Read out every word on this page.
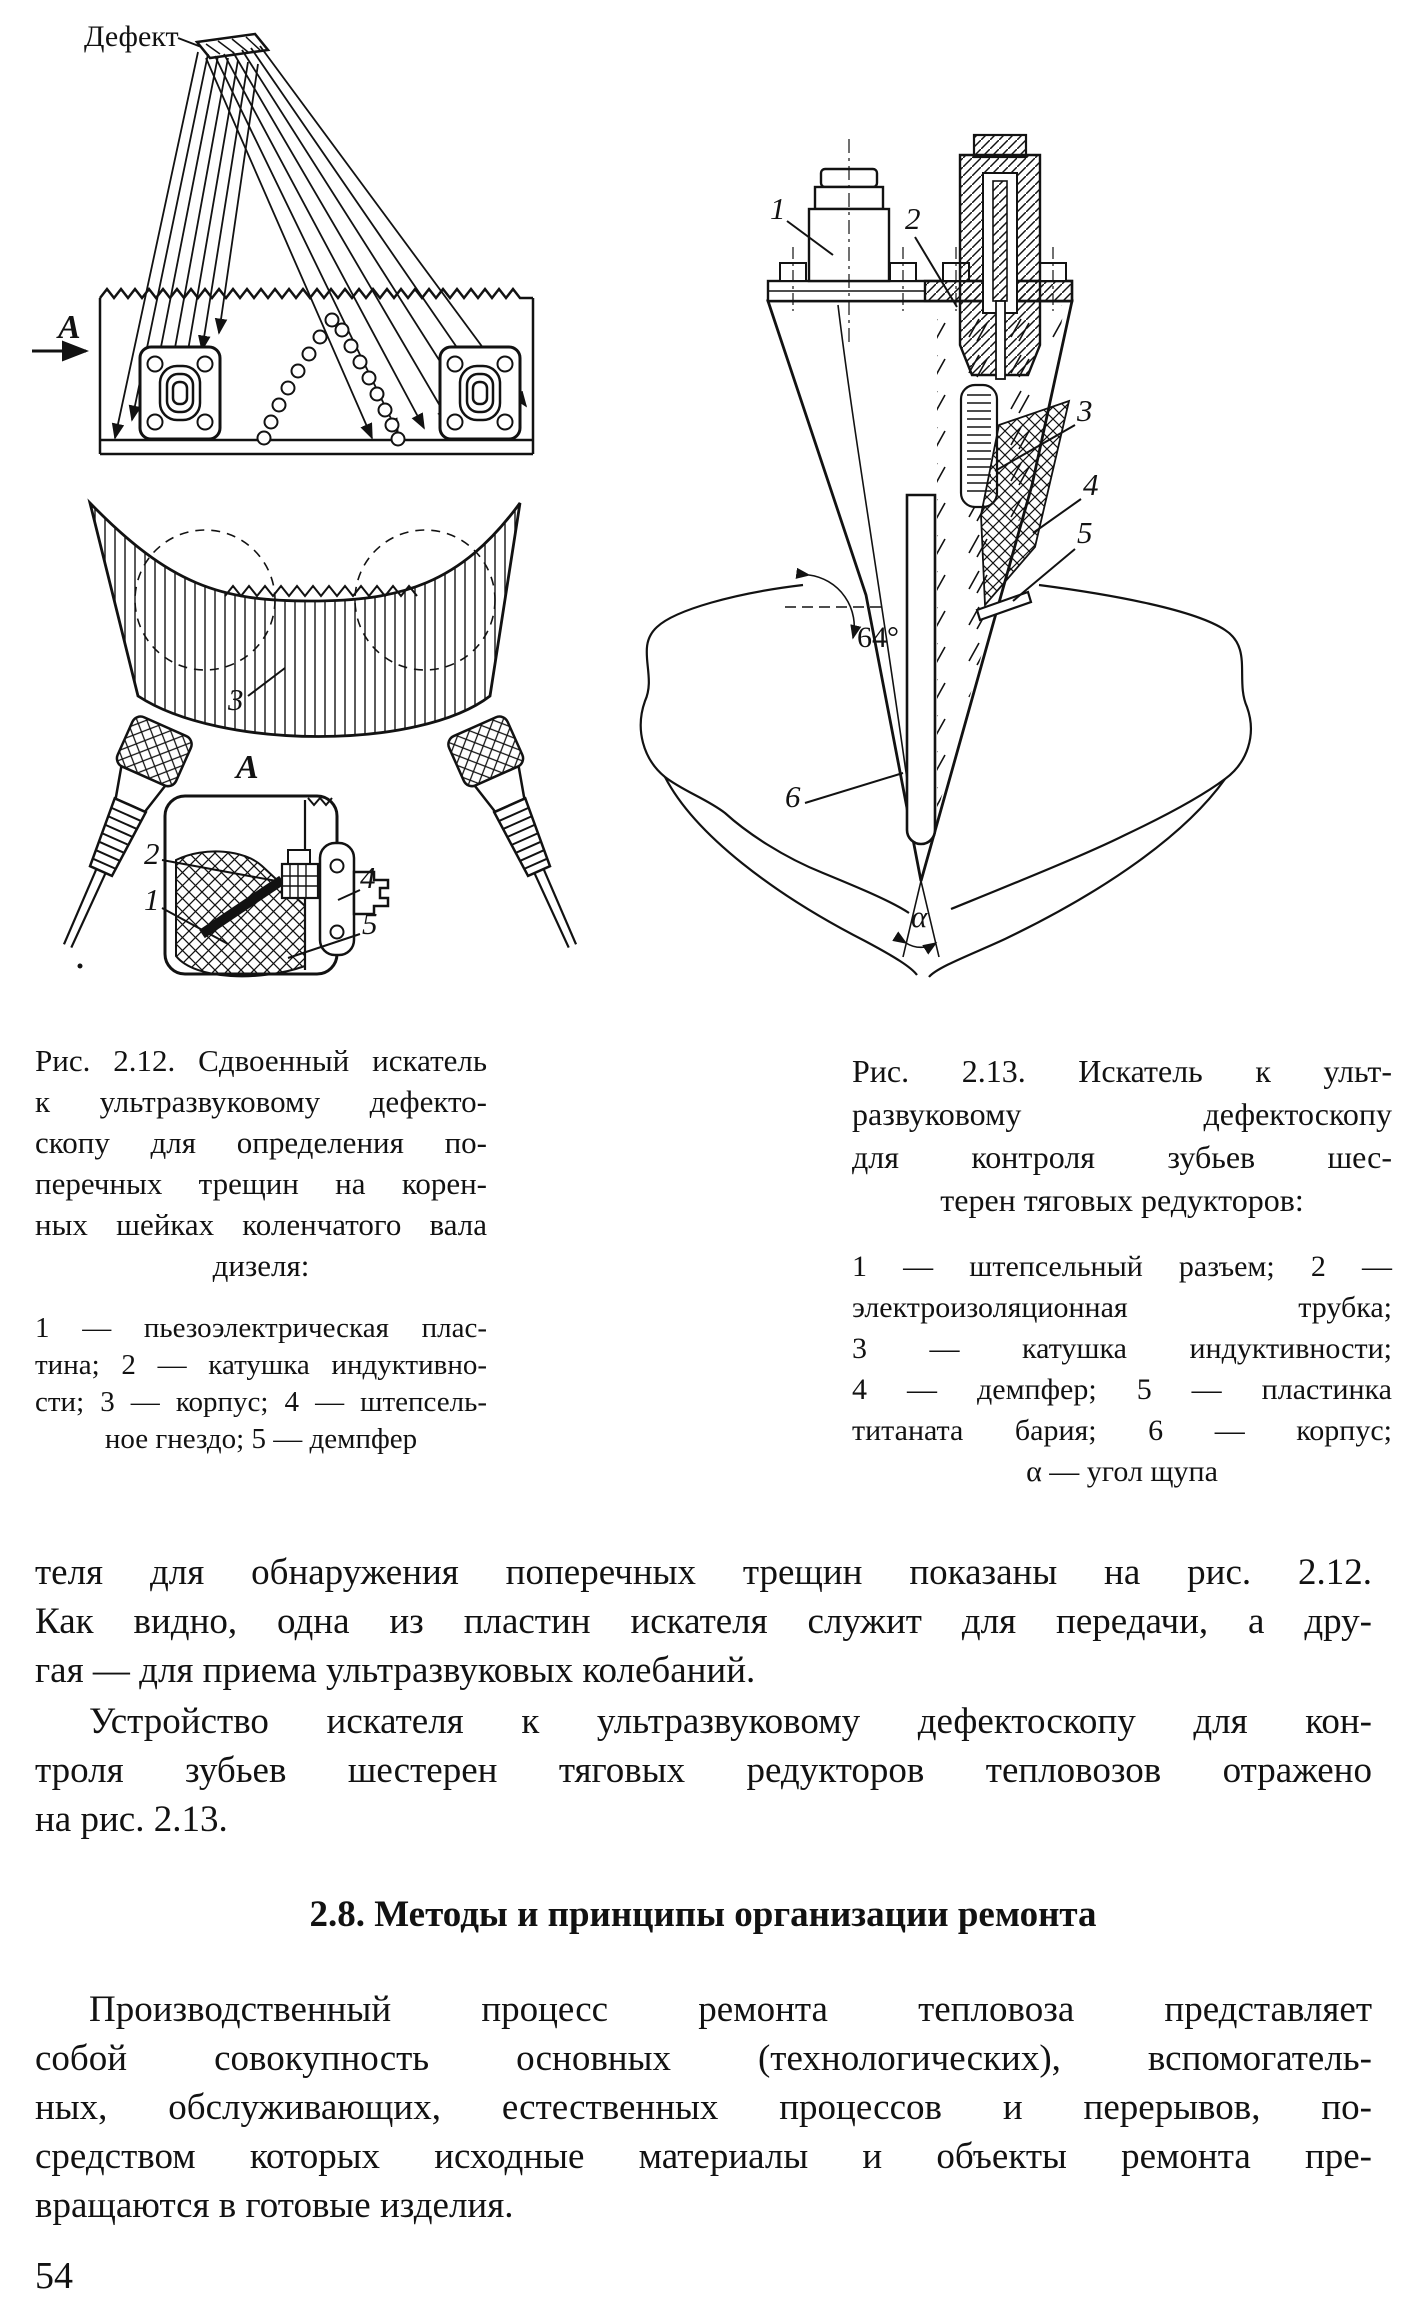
Дефект
А
3
А
2
1
4
5
1	2
3
4
5
64°
6
α
Рис. 2.12. Сдвоенный искатель
к ультразвуковому дефекто-
скопу для определения по-
перечных трещин на корен-
ных шейках коленчатого вала
дизеля:
1 — пьезоэлектрическая плас-
тина; 2 — катушка индуктивно-
сти; 3 — корпус; 4 — штепсель-
ное гнездо; 5 — демпфер
Рис. 2.13. Искатель к ульт-
развуковому дефектоскопу
для контроля зубьев шес-
терен тяговых редукторов:
1 — штепсельный разъем; 2 —
электроизоляционная трубка;
3 — катушка индуктивности;
4 — демпфер; 5 — пластинка
титаната бария; 6 — корпус;
α — угол щупа
теля для обнаружения поперечных трещин показаны на рис. 2.12.
Как видно, одна из пластин искателя служит для передачи, а дру-
гая — для приема ультразвуковых колебаний.
Устройство искателя к ультразвуковому дефектоскопу для кон-
троля зубьев шестерен тяговых редукторов тепловозов отражено
на рис. 2.13.
2.8. Методы и принципы организации ремонта
Производственный процесс ремонта тепловоза представляет
собой совокупность основных (технологических), вспомогатель-
ных, обслуживающих, естественных процессов и перерывов, по-
средством которых исходные материалы и объекты ремонта пре-
вращаются в готовые изделия.
54
